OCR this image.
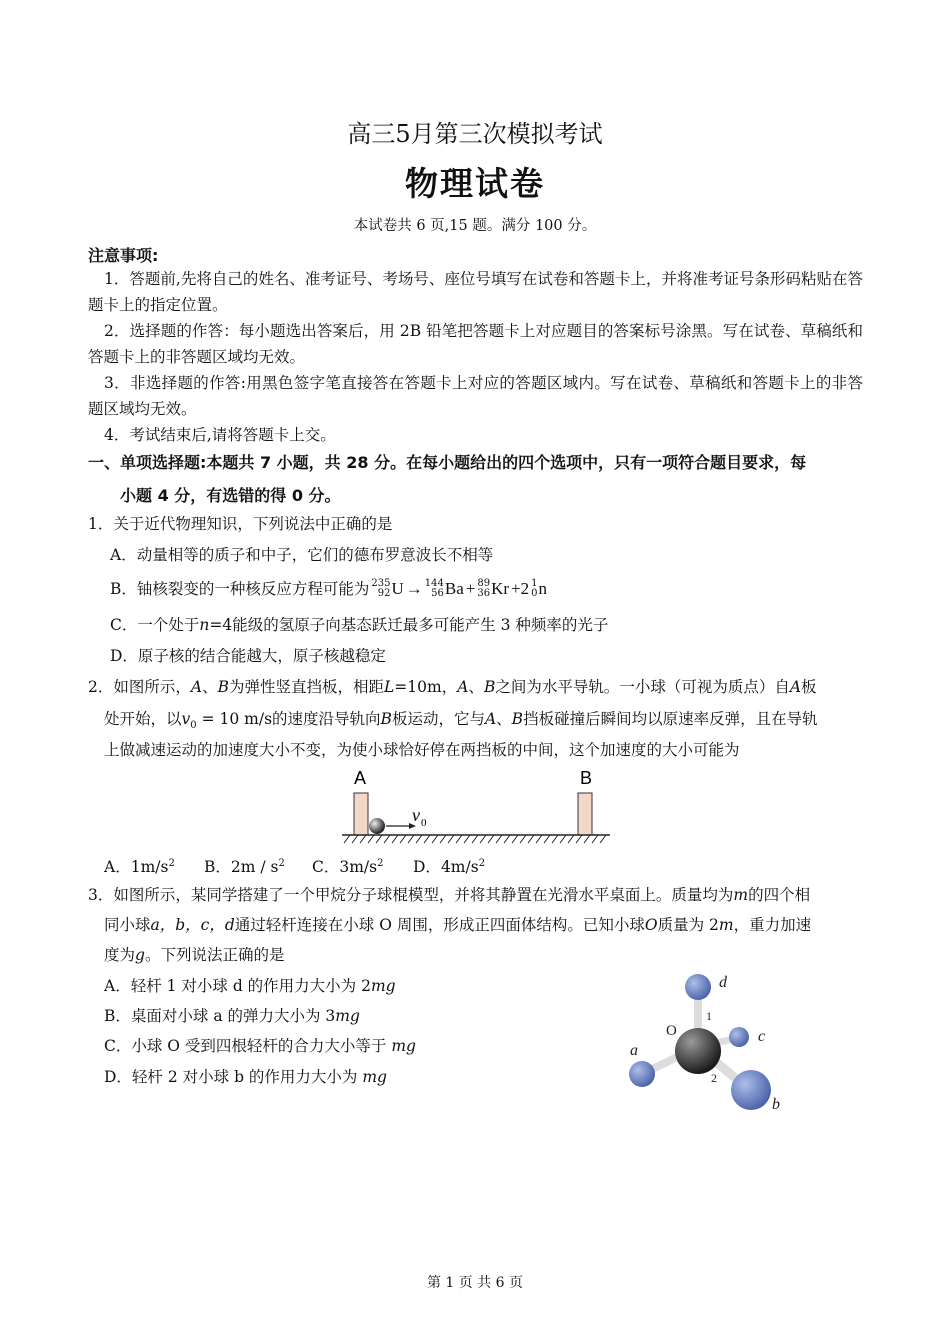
高三5月第三次模拟考试
物理试卷
本试卷共 6 页,15 题。满分 100 分。
注意事项:
1．答题前,先将自己的姓名、准考证号、考场号、座位号填写在试卷和答题卡上，并将准考证号条形码粘贴在答题卡上的指定位置。
2．选择题的作答：每小题选出答案后，用 2B 铅笔把答题卡上对应题目的答案标号涂黑。写在试卷、草稿纸和答题卡上的非答题区域均无效。
3．非选择题的作答:用黑色签字笔直接答在答题卡上对应的答题区域内。写在试卷、草稿纸和答题卡上的非答题区域均无效。
4．考试结束后,请将答题卡上交。
一、单项选择题:本题共 7 小题，共 28 分。在每小题给出的四个选项中，只有一项符合题目要求，每
小题 4 分，有选错的得 0 分。
1．关于近代物理知识，下列说法中正确的是
A．动量相等的质子和中子，它们的德布罗意波长不相等
B．铀核裂变的一种核反应方程可能为 235
92 U → 144
56 Ba + 89
36 Kr + 2 1
0 n
C．一个处于n=4能级的氢原子向基态跃迁最多可能产生 3 种频率的光子
D．原子核的结合能越大，原子核越稳定
2．如图所示，A、B为弹性竖直挡板，相距L=10m，A、B之间为水平导轨。一小球（可视为质点）自A板
处开始，以$v_0 = 10$ m/s的速度沿导轨向B板运动，它与A、B挡板碰撞后瞬间均以原速率反弹，且在导轨
上做减速运动的加速度大小不变，为使小球恰好停在两挡板的中间，这个加速度的大小可能为
A	B
v 0
A．$1m/s^2$ B．$2m / s^2$ C．$3m/s^2$ D．$4m/s^2$
3．如图所示，某同学搭建了一个甲烷分子球棍模型，并将其静置在光滑水平桌面上。质量均为m的四个相
同小球a，b，c，d通过轻杆连接在小球 O 周围，形成正四面体结构。已知小球O质量为 2m，重力加速
度为g。下列说法正确的是
A．轻杆 1 对小球 d 的作用力大小为 2mg
B．桌面对小球 a 的弹力大小为 3mg
C．小球 O 受到四根轻杆的合力大小等于 mg
D．轻杆 2 对小球 b 的作用力大小为 mg
d
c
a
b
O
1
2
第 1 页 共 6 页
